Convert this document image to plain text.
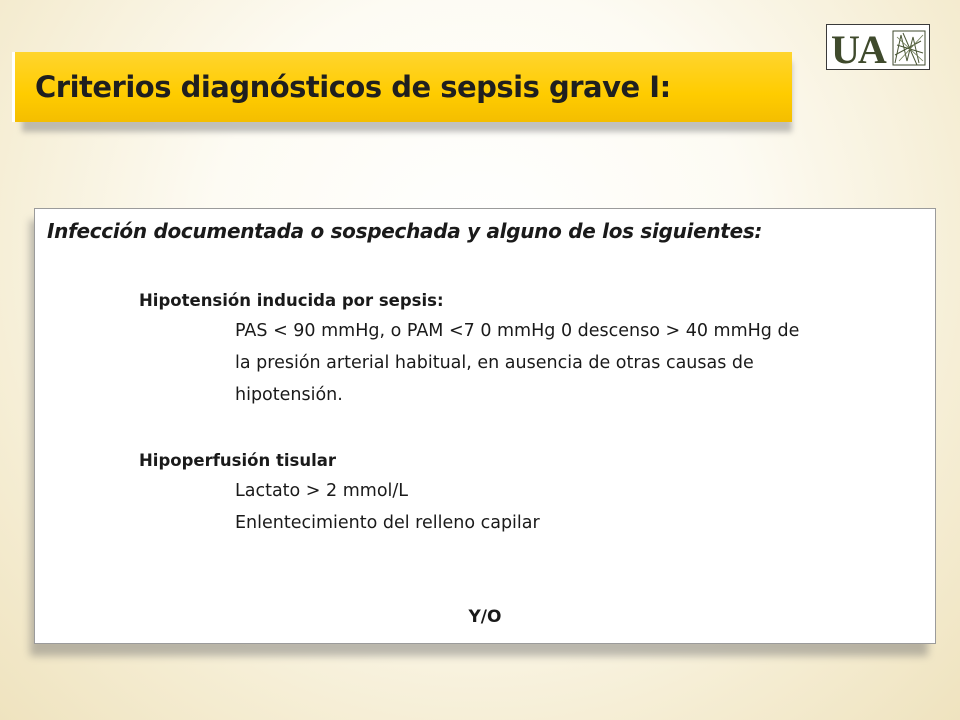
Criterios diagnósticos de sepsis grave I:
UA
Infección documentada o sospechada y alguno de los siguientes:
Hipotensión inducida por sepsis:
PAS < 90 mmHg, o PAM <7 0 mmHg 0 descenso > 40 mmHg de
la presión arterial habitual, en ausencia de otras causas de
hipotensión.
Hipoperfusión tisular
Lactato > 2 mmol/L
Enlentecimiento del relleno capilar
Y/O
